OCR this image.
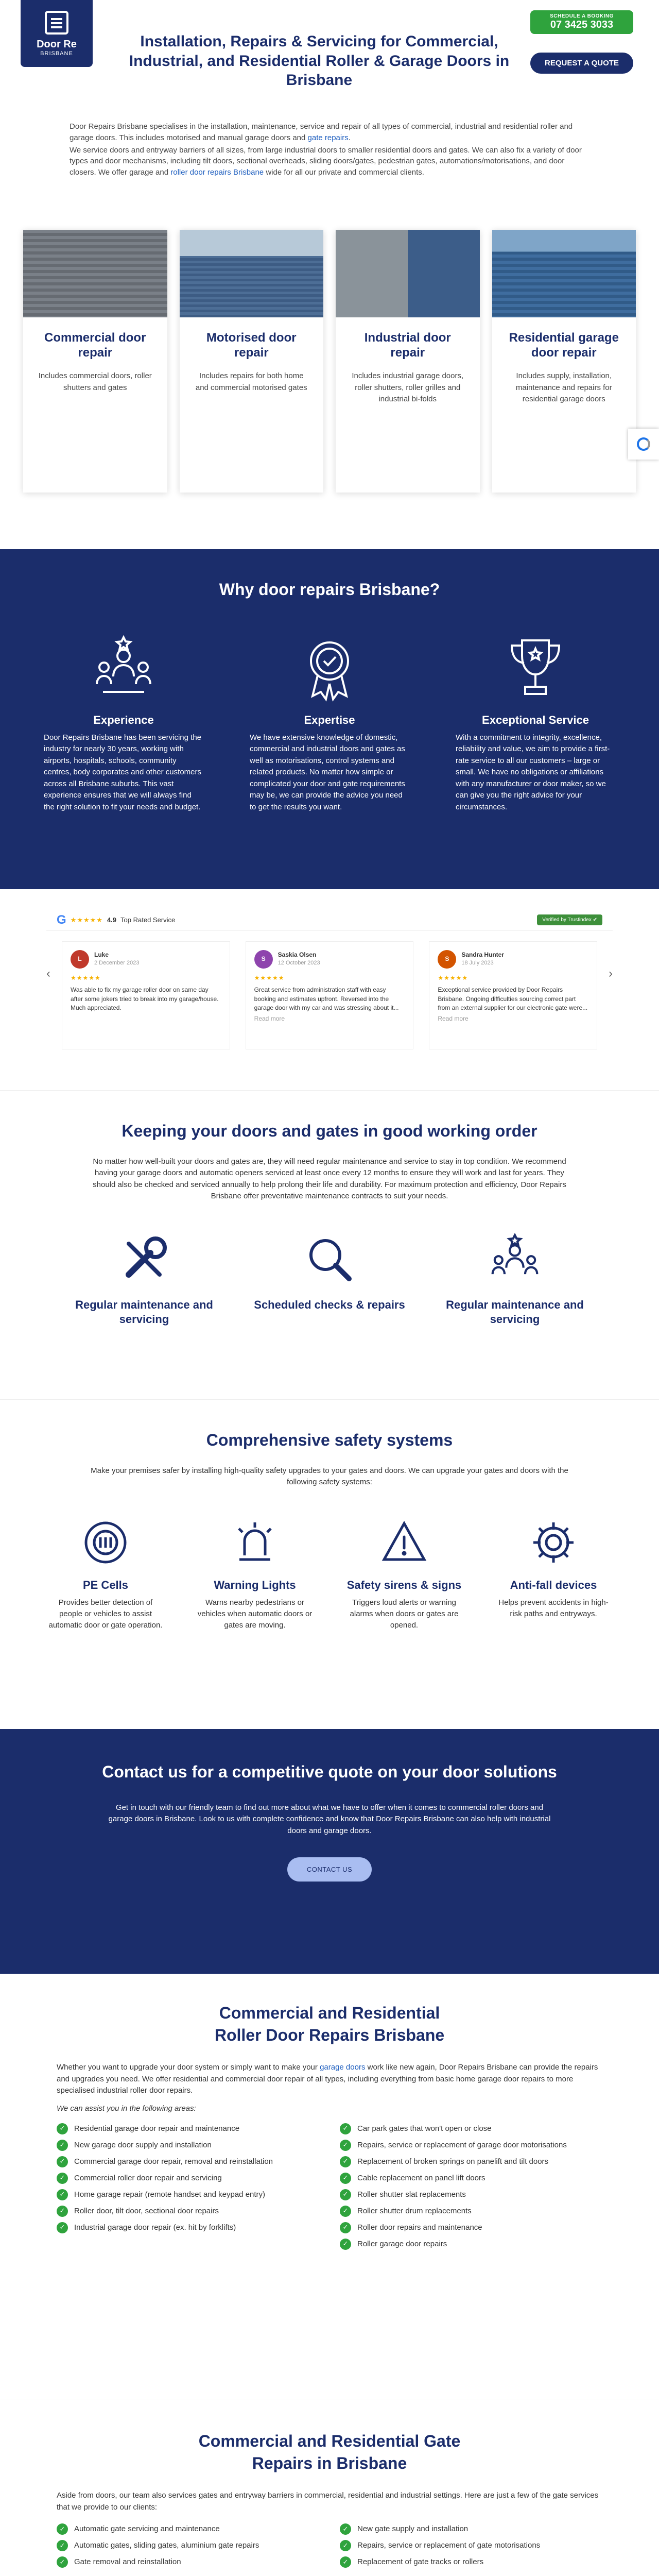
Door Re
BRISBANE
Installation, Repairs & Servicing for Commercial, Industrial, and Residential Roller & Garage Doors in Brisbane
SCHEDULE A BOOKING
07 3425 3033
REQUEST A QUOTE

Door Repairs Brisbane specialises in the installation, maintenance, service and repair of all types of commercial, industrial and residential roller and garage doors. This includes motorised and manual garage doors and gate repairs.

We service doors and entryway barriers of all sizes, from large industrial doors to smaller residential doors and gates. We can also fix a variety of door types and door mechanisms, including tilt doors, sectional overheads, sliding doors/gates, pedestrian gates, automations/motorisations, and door closers. We offer garage and roller door repairs Brisbane wide for all our private and commercial clients.

Commercial door repair

Includes commercial doors, roller shutters and gates

Motorised door repair

Includes repairs for both home and commercial motorised gates

Industrial door repair

Includes industrial garage doors, roller shutters, roller grilles and industrial bi-folds

Residential garage door repair

Includes supply, installation, maintenance and repairs for residential garage doors

Why door repairs Brisbane?
Experience

Door Repairs Brisbane has been servicing the industry for nearly 30 years, working with airports, hospitals, schools, community centres, body corporates and other customers across all Brisbane suburbs. This vast experience ensures that we will always find the right solution to fit your needs and budget.

Expertise

We have extensive knowledge of domestic, commercial and industrial doors and gates as well as motorisations, control systems and related products. No matter how simple or complicated your door and gate requirements may be, we can provide the advice you need to get the results you want.

Exceptional Service

With a commitment to integrity, excellence, reliability and value, we aim to provide a first-rate service to all our customers – large or small. We have no obligations or affiliations with any manufacturer or door maker, so we can give you the right advice for your circumstances.

G ★★★★★ 4.9 Top Rated Service	Verified by Trustindex ✔
‹	›
L
Luke
2 December 2023
★★★★★
Was able to fix my garage roller door on same day after some jokers tried to break into my garage/house. Much appreciated.
S
Saskia Olsen
12 October 2023
★★★★★
Great service from administration staff with easy booking and estimates upfront. Reversed into the garage door with my car and was stressing about it...
Read more
S
Sandra Hunter
18 July 2023
★★★★★
Exceptional service provided by Door Repairs Brisbane. Ongoing difficulties sourcing correct part from an external supplier for our electronic gate were...
Read more
Keeping your doors and gates in good working order

No matter how well-built your doors and gates are, they will need regular maintenance and service to stay in top condition. We recommend having your garage doors and automatic openers serviced at least once every 12 months to ensure they will work and last for years. They should also be checked and serviced annually to help prolong their life and durability. For maximum protection and efficiency, Door Repairs Brisbane offer preventative maintenance contracts to suit your needs.

Regular maintenance and servicing
Scheduled checks & repairs	Regular maintenance and servicing
Comprehensive safety systems

Make your premises safer by installing high-quality safety upgrades to your gates and doors. We can upgrade your gates and doors with the following safety systems:

PE Cells

Provides better detection of people or vehicles to assist automatic door or gate operation.

Warning Lights

Warns nearby pedestrians or vehicles when automatic doors or gates are moving.

Safety sirens & signs

Triggers loud alerts or warning alarms when doors or gates are opened.

Anti-fall devices

Helps prevent accidents in high-risk paths and entryways.

Contact us for a competitive quote on your door solutions

Get in touch with our friendly team to find out more about what we have to offer when it comes to commercial roller doors and garage doors in Brisbane. Look to us with complete confidence and know that Door Repairs Brisbane can also help with industrial doors and garage doors.

CONTACT US
Commercial and Residential Roller Door Repairs Brisbane

Whether you want to upgrade your door system or simply want to make your garage doors work like new again, Door Repairs Brisbane can provide the repairs and upgrades you need. We offer residential and commercial door repair of all types, including everything from basic home garage door repairs to more specialised industrial roller door repairs.

We can assist you in the following areas:

✓	Residential garage door repair and maintenance
✓	New garage door supply and installation
✓	Commercial garage door repair, removal and reinstallation
✓	Commercial roller door repair and servicing
✓	Home garage repair (remote handset and keypad entry)
✓	Roller door, tilt door, sectional door repairs
✓	Industrial garage door repair (ex. hit by forklifts)
✓	Car park gates that won't open or close
✓	Repairs, service or replacement of garage door motorisations
✓	Replacement of broken springs on panelift and tilt doors
✓	Cable replacement on panel lift doors
✓	Roller shutter slat replacements
✓	Roller shutter drum replacements
✓	Roller door repairs and maintenance
✓	Roller garage door repairs
Commercial and Residential Gate Repairs in Brisbane

Aside from doors, our team also services gates and entryway barriers in commercial, residential and industrial settings. Here are just a few of the gate services that we provide to our clients:

✓	Automatic gate servicing and maintenance
✓	Automatic gates, sliding gates, aluminium gate repairs
✓	Gate removal and reinstallation
✓	New gate supply and installation
✓	Repairs, service or replacement of gate motorisations
✓	Replacement of gate tracks or rollers
